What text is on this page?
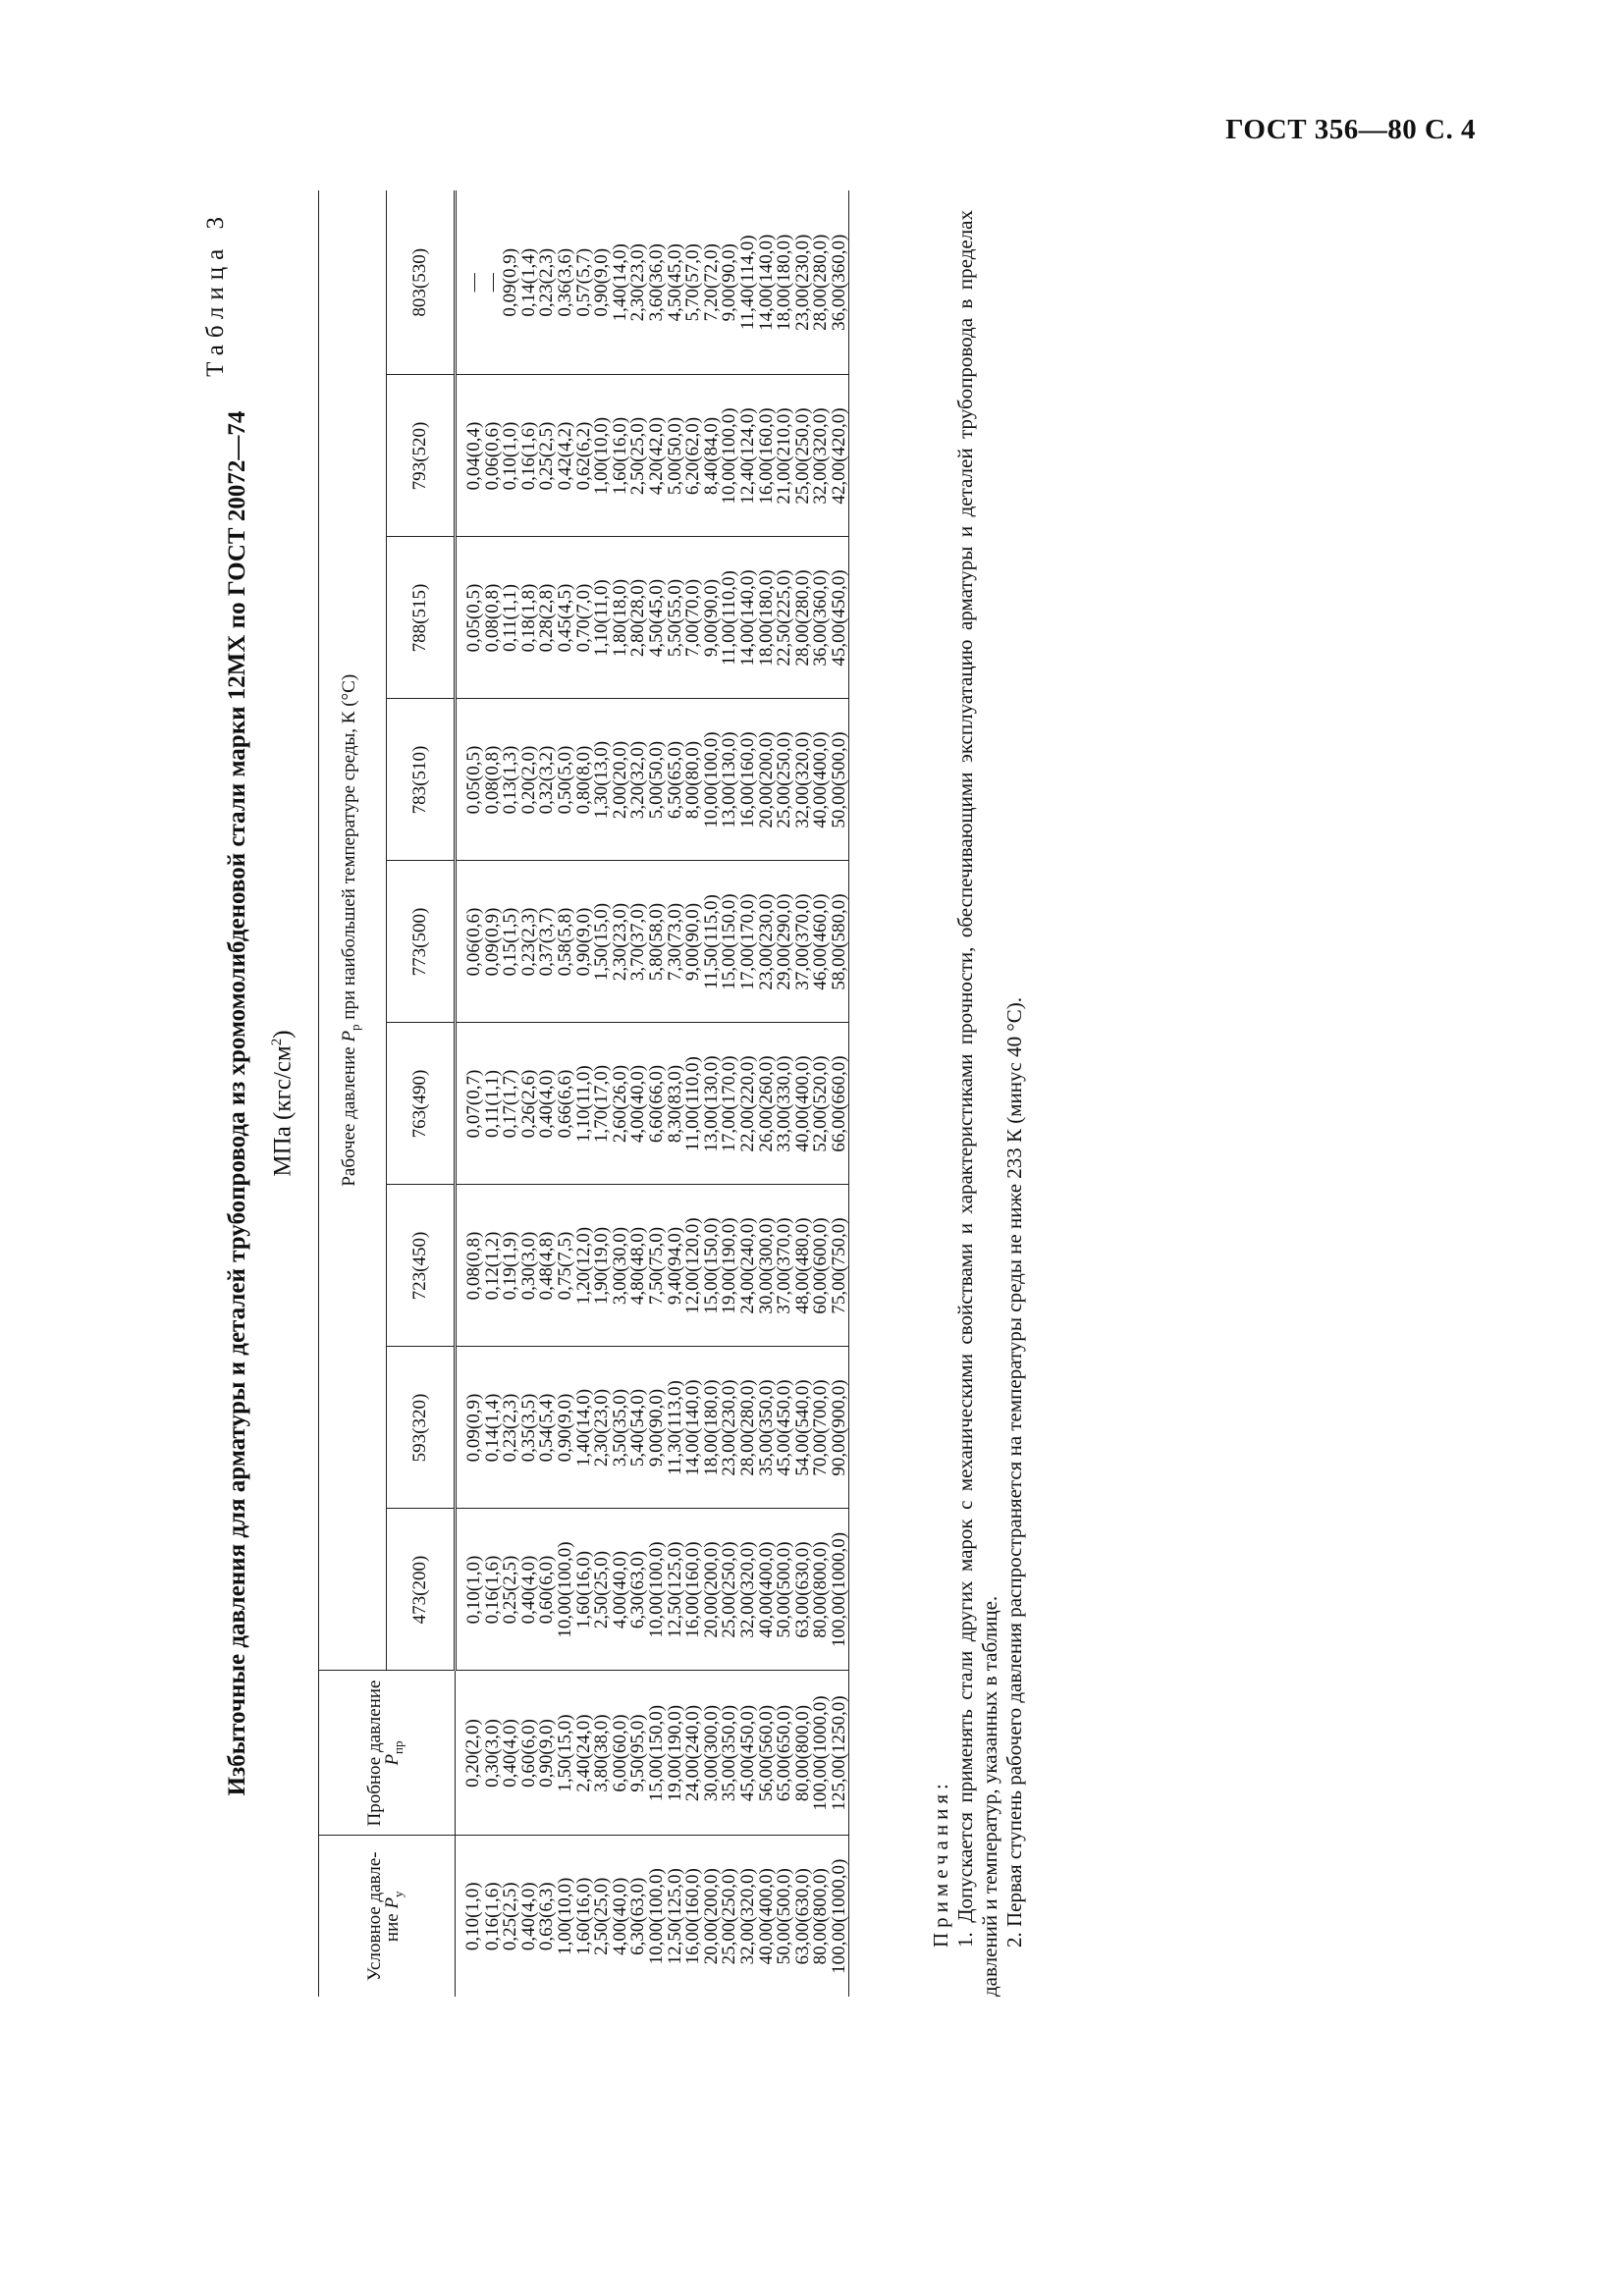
ГОСТ 356—80 С. 4
Таблица 3
Избыточные давления для арматуры и деталей трубопровода из хромомолибденовой стали марки 12МХ по ГОСТ 20072—74 МПа $(кгс/см^2)$
Условное давле-ние $P_у$	Пробное давление $P_{пр}$	Рабочее давление $P_р$ при наибольшей температуре среды, К (°С)								
		473(200)	593(320)	723(450)	763(490)	773(500)	783(510)	788(515)	793(520)	803(530)
0,10(1,0)	0,20(2,0)	0,10(1,0)	0,09(0,9)	0,08(0,8)	0,07(0,7)	0,06(0,6)	0,05(0,5)	0,05(0,5)	0,04(0,4)	—
0,16(1,6)	0,30(3,0)	0,16(1,6)	0,14(1,4)	0,12(1,2)	0,11(1,1)	0,09(0,9)	0,08(0,8)	0,08(0,8)	0,06(0,6)	—
0,25(2,5)	0,40(4,0)	0,25(2,5)	0,23(2,3)	0,19(1,9)	0,17(1,7)	0,15(1,5)	0,13(1,3)	0,11(1,1)	0,10(1,0)	0,09(0,9)
0,40(4,0)	0,60(6,0)	0,40(4,0)	0,35(3,5)	0,30(3,0)	0,26(2,6)	0,23(2,3)	0,20(2,0)	0,18(1,8)	0,16(1,6)	0,14(1,4)
0,63(6,3)	0,90(9,0)	0,60(6,0)	0,54(5,4)	0,48(4,8)	0,40(4,0)	0,37(3,7)	0,32(3,2)	0,28(2,8)	0,25(2,5)	0,23(2,3)
1,00(10,0)	1,50(15,0)	10,00(100,0)	0,90(9,0)	0,75(7,5)	0,66(6,6)	0,58(5,8)	0,50(5,0)	0,45(4,5)	0,42(4,2)	0,36(3,6)
1,60(16,0)	2,40(24,0)	1,60(16,0)	1,40(14,0)	1,20(12,0)	1,10(11,0)	0,90(9,0)	0,80(8,0)	0,70(7,0)	0,62(6,2)	0,57(5,7)
2,50(25,0)	3,80(38,0)	2,50(25,0)	2,30(23,0)	1,90(19,0)	1,70(17,0)	1,50(15,0)	1,30(13,0)	1,10(11,0)	1,00(10,0)	0,90(9,0)
4,00(40,0)	6,00(60,0)	4,00(40,0)	3,50(35,0)	3,00(30,0)	2,60(26,0)	2,30(23,0)	2,00(20,0)	1,80(18,0)	1,60(16,0)	1,40(14,0)
6,30(63,0)	9,50(95,0)	6,30(63,0)	5,40(54,0)	4,80(48,0)	4,00(40,0)	3,70(37,0)	3,20(32,0)	2,80(28,0)	2,50(25,0)	2,30(23,0)
10,00(100,0)	15,00(150,0)	10,00(100,0)	9,00(90,0)	7,50(75,0)	6,60(66,0)	5,80(58,0)	5,00(50,0)	4,50(45,0)	4,20(42,0)	3,60(36,0)
12,50(125,0)	19,00(190,0)	12,50(125,0)	11,30(113,0)	9,40(94,0)	8,30(83,0)	7,30(73,0)	6,50(65,0)	5,50(55,0)	5,00(50,0)	4,50(45,0)
16,00(160,0)	24,00(240,0)	16,00(160,0)	14,00(140,0)	12,00(120,0)	11,00(110,0)	9,00(90,0)	8,00(80,0)	7,00(70,0)	6,20(62,0)	5,70(57,0)
20,00(200,0)	30,00(300,0)	20,00(200,0)	18,00(180,0)	15,00(150,0)	13,00(130,0)	11,50(115,0)	10,00(100,0)	9,00(90,0)	8,40(84,0)	7,20(72,0)
25,00(250,0)	35,00(350,0)	25,00(250,0)	23,00(230,0)	19,00(190,0)	17,00(170,0)	15,00(150,0)	13,00(130,0)	11,00(110,0)	10,00(100,0)	9,00(90,0)
32,00(320,0)	45,00(450,0)	32,00(320,0)	28,00(280,0)	24,00(240,0)	22,00(220,0)	17,00(170,0)	16,00(160,0)	14,00(140,0)	12,40(124,0)	11,40(114,0)
40,00(400,0)	56,00(560,0)	40,00(400,0)	35,00(350,0)	30,00(300,0)	26,00(260,0)	23,00(230,0)	20,00(200,0)	18,00(180,0)	16,00(160,0)	14,00(140,0)
50,00(500,0)	65,00(650,0)	50,00(500,0)	45,00(450,0)	37,00(370,0)	33,00(330,0)	29,00(290,0)	25,00(250,0)	22,50(225,0)	21,00(210,0)	18,00(180,0)
63,00(630,0)	80,00(800,0)	63,00(630,0)	54,00(540,0)	48,00(480,0)	40,00(400,0)	37,00(370,0)	32,00(320,0)	28,00(280,0)	25,00(250,0)	23,00(230,0)
80,00(800,0)	100,00(1000,0)	80,00(800,0)	70,00(700,0)	60,00(600,0)	52,00(520,0)	46,00(460,0)	40,00(400,0)	36,00(360,0)	32,00(320,0)	28,00(280,0)
100,00(1000,0)	125,00(1250,0)	100,00(1000,0)	90,00(900,0)	75,00(750,0)	66,00(660,0)	58,00(580,0)	50,00(500,0)	45,00(450,0)	42,00(420,0)	36,00(360,0)
Примечания: 1. Допускается применять стали других марок с механическими свойствами и характеристиками прочности, обеспечивающими эксплуатацию арматуры и деталей трубопровода в пределах давлений и температур, указанных в таблице. 2. Первая ступень рабочего давления распространяется на температуры среды не ниже 233 К (минус 40 °С).
